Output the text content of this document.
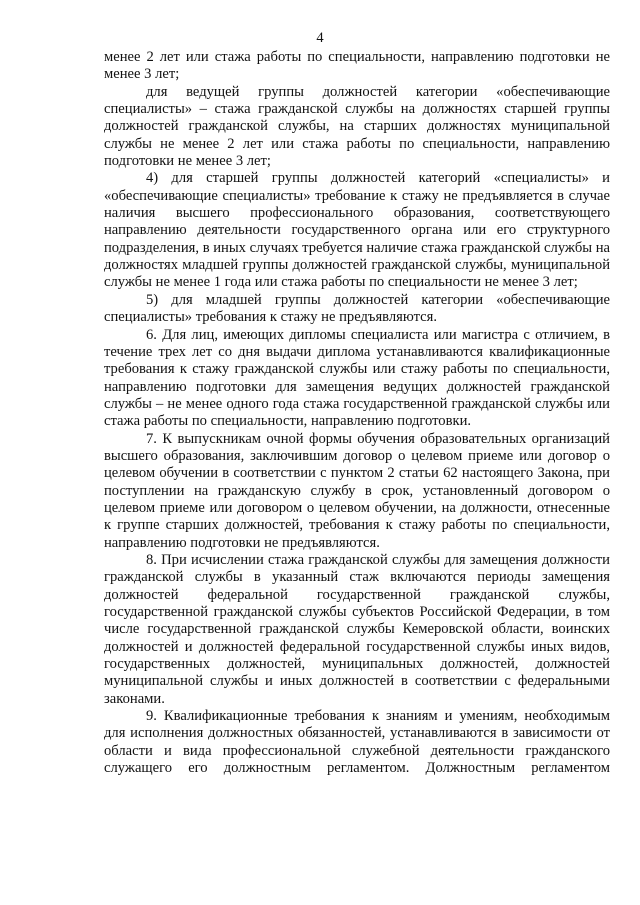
4

менее 2 лет или стажа работы по специальности, направлению подготовки не менее 3 лет;

для ведущей группы должностей категории «обеспечивающие специалисты» – стажа гражданской службы на должностях старшей группы должностей гражданской службы, на старших должностях муниципальной службы не менее 2 лет или стажа работы по специальности, направлению подготовки не менее 3 лет;

4) для старшей группы должностей категорий «специалисты» и «обеспечивающие специалисты» требование к стажу не предъявляется в случае наличия высшего профессионального образования, соответствующего направлению деятельности государственного органа или его структурного подразделения, в иных случаях требуется наличие стажа гражданской службы на должностях младшей группы должностей гражданской службы, муниципальной службы не менее 1 года или стажа работы по специальности не менее 3 лет;

5) для младшей группы должностей категории «обеспечивающие специалисты» требования к стажу не предъявляются.

6. Для лиц, имеющих дипломы специалиста или магистра с отличием, в течение трех лет со дня выдачи диплома устанавливаются квалификационные требования к стажу гражданской службы или стажу работы по специальности, направлению подготовки для замещения ведущих должностей гражданской службы – не менее одного года стажа государственной гражданской службы или стажа работы по специальности, направлению подготовки.

7. К выпускникам очной формы обучения образовательных организаций высшего образования, заключившим договор о целевом приеме или договор о целевом обучении в соответствии с пунктом 2 статьи 62 настоящего Закона, при поступлении на гражданскую службу в срок, установленный договором о целевом приеме или договором о целевом обучении, на должности, отнесенные к группе старших должностей, требования к стажу работы по специальности, направлению подготовки не предъявляются.

8. При исчислении стажа гражданской службы для замещения должности гражданской службы в указанный стаж включаются периоды замещения должностей федеральной государственной гражданской службы, государственной гражданской службы субъектов Российской Федерации, в том числе государственной гражданской службы Кемеровской области, воинских должностей и должностей федеральной государственной службы иных видов, государственных должностей, муниципальных должностей, должностей муниципальной службы и иных должностей в соответствии с федеральными законами.

9. Квалификационные требования к знаниям и умениям, необходимым для исполнения должностных обязанностей, устанавливаются в зависимости от области и вида профессиональной служебной деятельности гражданского служащего его должностным регламентом. Должностным регламентом
